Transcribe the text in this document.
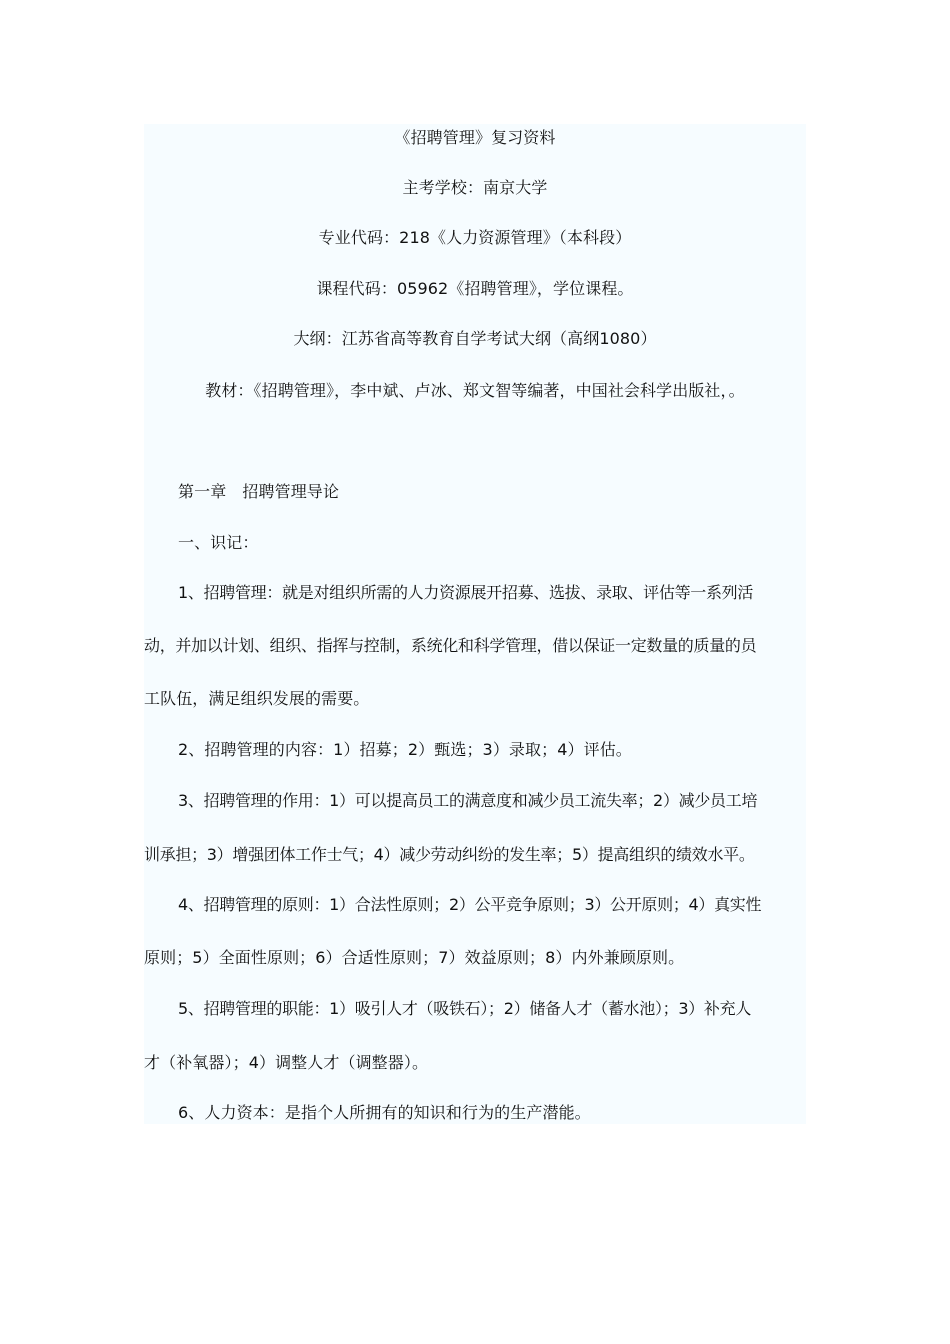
《招聘管理》复习资料
主考学校：南京大学
专业代码：218《人力资源管理》（本科段）
课程代码：05962《招聘管理》，学位课程。
大纲：江苏省高等教育自学考试大纲（高纲1080）
教材：《招聘管理》，李中斌、卢冰、郑文智等编著，中国社会科学出版社，。
第一章　招聘管理导论
一、识记：
1、招聘管理：就是对组织所需的人力资源展开招募、选拔、录取、评估等一系列活
动，并加以计划、组织、指挥与控制，系统化和科学管理，借以保证一定数量的质量的员
工队伍，满足组织发展的需要。
2、招聘管理的内容：1）招募；2）甄选；3）录取；4）评估。
3、招聘管理的作用：1）可以提高员工的满意度和减少员工流失率；2）减少员工培
训承担；3）增强团体工作士气；4）减少劳动纠纷的发生率；5）提高组织的绩效水平。
4、招聘管理的原则：1）合法性原则；2）公平竞争原则；3）公开原则；4）真实性
原则；5）全面性原则；6）合适性原则；7）效益原则；8）内外兼顾原则。
5、招聘管理的职能：1）吸引人才（吸铁石）；2）储备人才（蓄水池）；3）补充人
才（补氧器）；4）调整人才（调整器）。
6、人力资本：是指个人所拥有的知识和行为的生产潜能。
